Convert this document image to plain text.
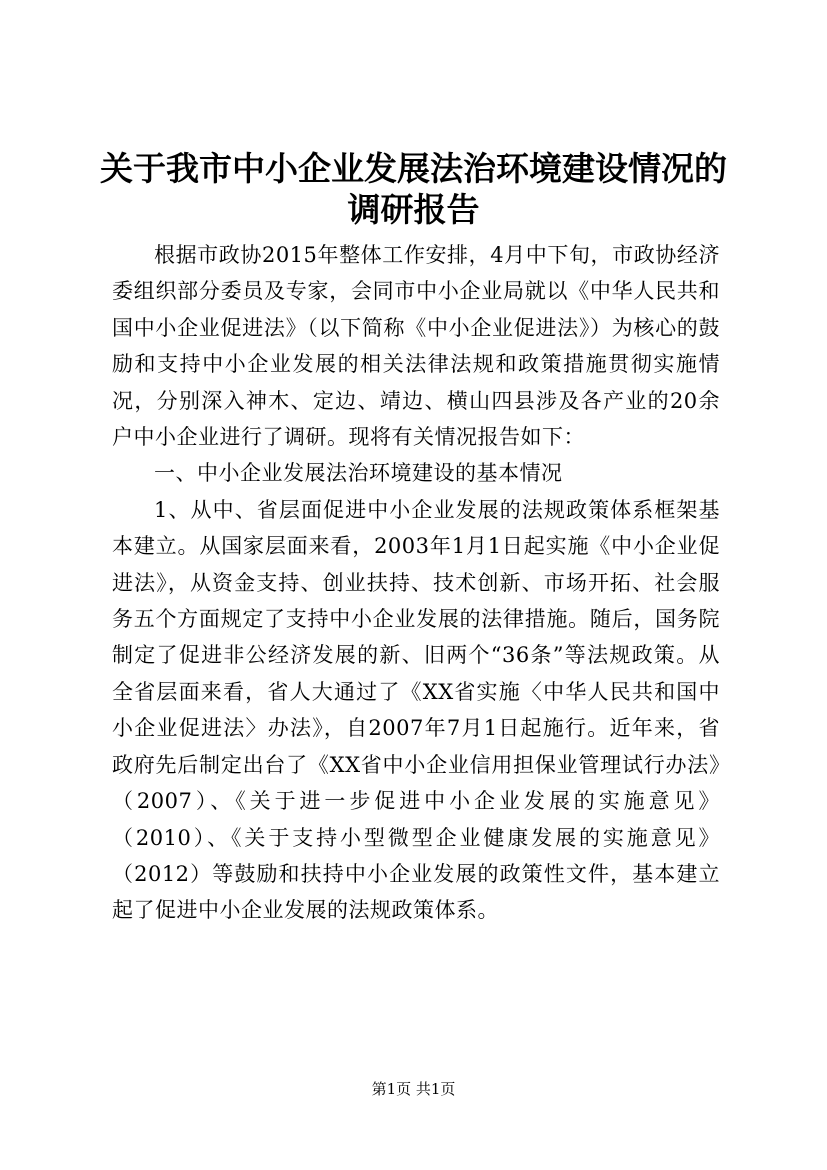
关于我市中小企业发展法治环境建设情况的调研报告

根据市政协2015年整体工作安排，4月中下旬，市政协经济委组织部分委员及专家，会同市中小企业局就以《中华人民共和国中小企业促进法》（以下简称《中小企业促进法》）为核心的鼓励和支持中小企业发展的相关法律法规和政策措施贯彻实施情况，分别深入神木、定边、靖边、横山四县涉及各产业的20余户中小企业进行了调研。现将有关情况报告如下：

一、中小企业发展法治环境建设的基本情况

1、从中、省层面促进中小企业发展的法规政策体系框架基本建立。从国家层面来看，2003年1月1日起实施《中小企业促进法》，从资金支持、创业扶持、技术创新、市场开拓、社会服务五个方面规定了支持中小企业发展的法律措施。随后，国务院制定了促进非公经济发展的新、旧两个“36条”等法规政策。从全省层面来看，省人大通过了《XX省实施〈中华人民共和国中小企业促进法〉办法》，自2007年7月1日起施行。近年来，省政府先后制定出台了《XX省中小企业信用担保业管理试行办法》（2007）、《关于进一步促进中小企业发展的实施意见》（2010）、《关于支持小型微型企业健康发展的实施意见》（2012）等鼓励和扶持中小企业发展的政策性文件，基本建立起了促进中小企业发展的法规政策体系。

第1页 共1页
